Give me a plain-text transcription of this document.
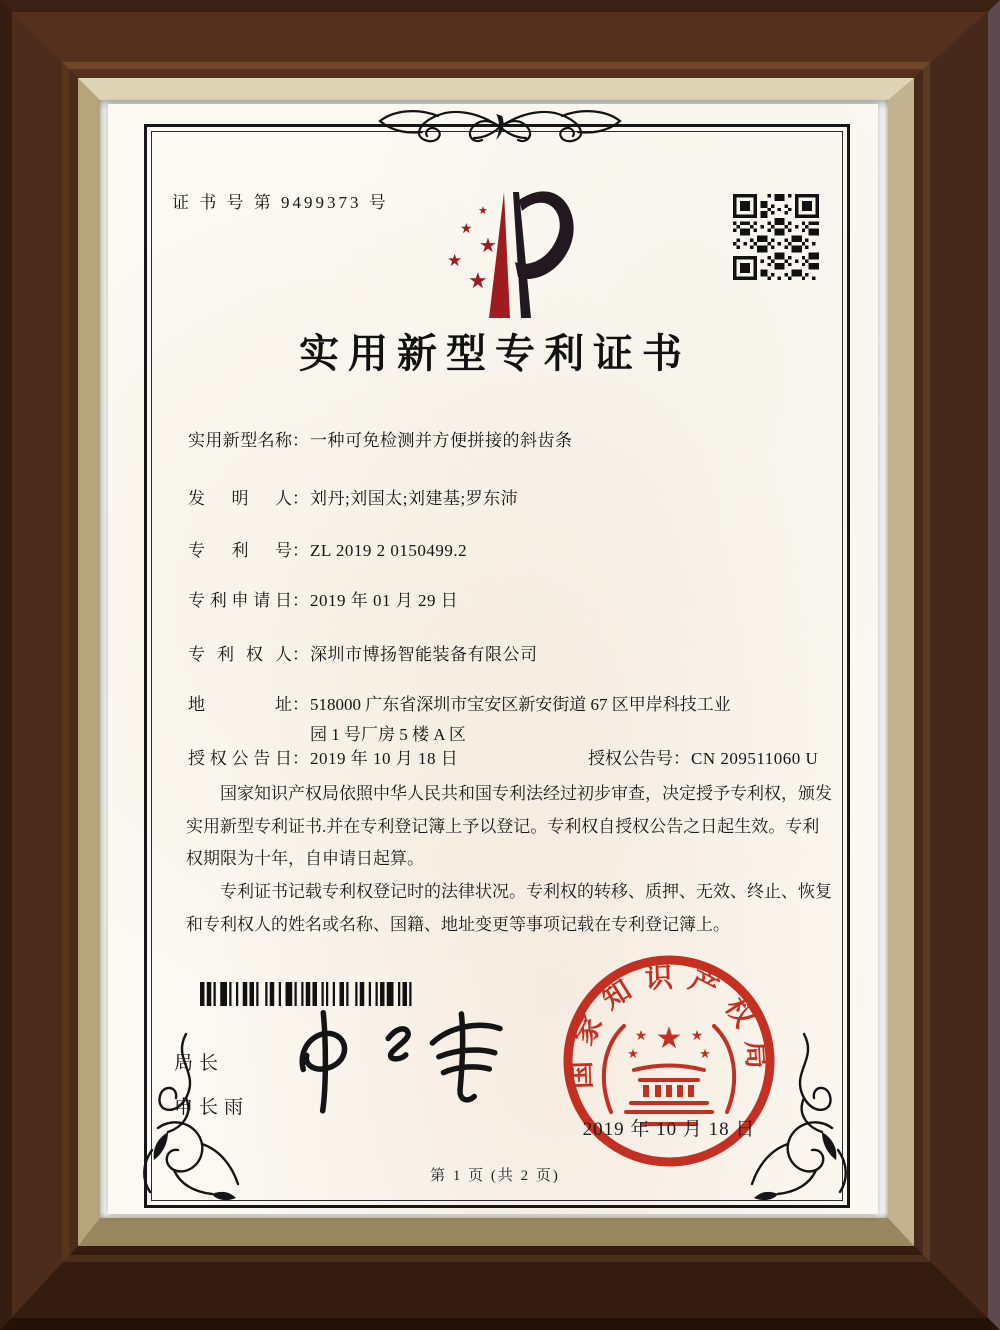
证 书 号 第 9499373 号	★
★
★
★
★
实用新型专利证书
实用新型名称：一种可免检测并方便拼接的斜齿条
发明人：刘丹;刘国太;刘建基;罗东沛
专利号：ZL 2019 2 0150499.2
专利申请日：2019 年 01 月 29 日
专利权人：深圳市博扬智能装备有限公司
地址：518000 广东省深圳市宝安区新安街道 67 区甲岸科技工业
园 1 号厂房 5 楼 A 区
授权公告日：2019 年 10 月 18 日	授权公告号：CN 209511060 U

国家知识产权局依照中华人民共和国专利法经过初步审查，决定授予专利权，颁发实用新型专利证书.并在专利登记簿上予以登记。专利权自授权公告之日起生效。专利权期限为十年，自申请日起算。

专利证书记载专利权登记时的法律状况。专利权的转移、质押、无效、终止、恢复和专利权人的姓名或名称、国籍、地址变更等事项记载在专利登记簿上。

局长
申长雨
国家知识产权局
★
★	★
★	★
2019 年 10 月 18 日
第 1 页 (共 2 页)
